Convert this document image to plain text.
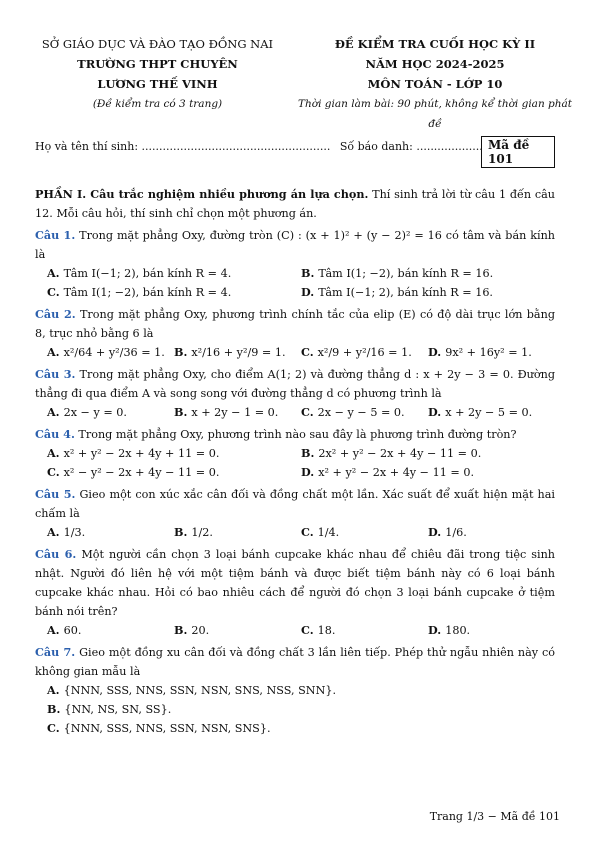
SỞ GIÁO DỤC VÀ ĐÀO TẠO ĐỒNG NAI
TRƯỜNG THPT CHUYÊN
LƯƠNG THẾ VINH
(Đề kiểm tra có 3 trang)
ĐỀ KIỂM TRA CUỐI HỌC KỲ II
NĂM HỌC 2024-2025
MÔN TOÁN - LỚP 10
Thời gian làm bài: 90 phút, không kể thời gian phát đề
Họ và tên thí sinh: ...................................................... Số báo danh: ................... Mã đề 101
PHẦN I. Câu trắc nghiệm nhiều phương án lựa chọn. Thí sinh trả lời từ câu 1 đến câu 12. Mỗi câu hỏi, thí sinh chỉ chọn một phương án.
Câu 1. Trong mặt phẳng Oxy, đường tròn (C) : (x + 1)² + (y − 2)² = 16 có tâm và bán kính là
A. Tâm I(−1; 2), bán kính R = 4.	B. Tâm I(1; −2), bán kính R = 16.
C. Tâm I(1; −2), bán kính R = 4.	D. Tâm I(−1; 2), bán kính R = 16.
Câu 2. Trong mặt phẳng Oxy, phương trình chính tắc của elip (E) có độ dài trục lớn bằng 8, trục nhỏ bằng 6 là
A. x²/64 + y²/36 = 1. B. x²/16 + y²/9 = 1.	C. x²/9 + y²/16 = 1.	D. 9x² + 16y² = 1.
Câu 3. Trong mặt phẳng Oxy, cho điểm A(1; 2) và đường thẳng d : x + 2y − 3 = 0. Đường thẳng đi qua điểm A và song song với đường thẳng d có phương trình là
A. 2x − y = 0.	B. x + 2y − 1 = 0.	C. 2x − y − 5 = 0.	D. x + 2y − 5 = 0.
Câu 4. Trong mặt phẳng Oxy, phương trình nào sau đây là phương trình đường tròn?
A. x² + y² − 2x + 4y + 11 = 0.	B. 2x² + y² − 2x + 4y − 11 = 0.
C. x² − y² − 2x + 4y − 11 = 0.	D. x² + y² − 2x + 4y − 11 = 0.
Câu 5. Gieo một con xúc xắc cân đối và đồng chất một lần. Xác suất để xuất hiện mặt hai chấm là
A. 1/3.	B. 1/2.	C. 1/4.	D. 1/6.
Câu 6. Một người cần chọn 3 loại bánh cupcake khác nhau để chiêu đãi trong tiệc sinh nhật. Người đó liên hệ với một tiệm bánh và được biết tiệm bánh này có 6 loại bánh cupcake khác nhau. Hỏi có bao nhiêu cách để người đó chọn 3 loại bánh cupcake ở tiệm bánh nói trên?
A. 60.	B. 20.	C. 18.	D. 180.
Câu 7. Gieo một đồng xu cân đối và đồng chất 3 lần liên tiếp. Phép thử ngẫu nhiên này có không gian mẫu là
A. {NNN, SSS, NNS, SSN, NSN, SNS, NSS, SNN}.
B. {NN, NS, SN, SS}.
C. {NNN, SSS, NNS, SSN, NSN, SNS}.
Trang 1/3 − Mã đề 101
